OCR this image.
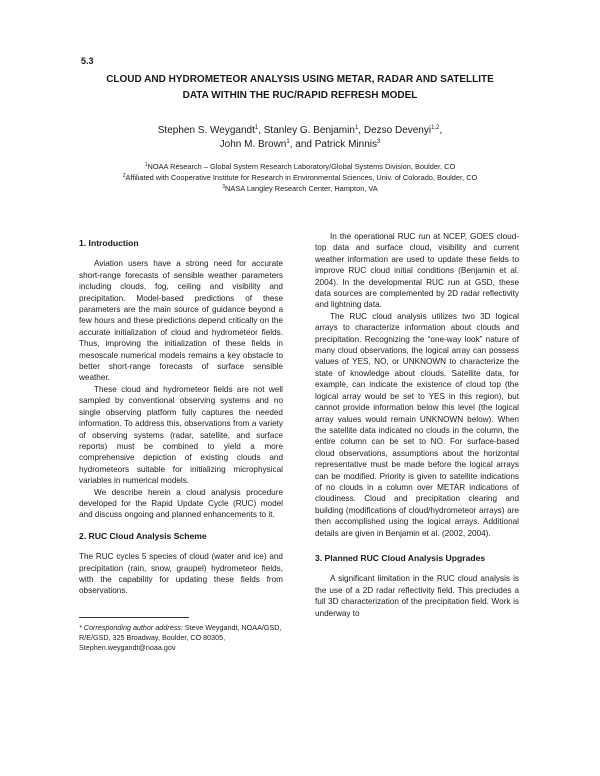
5.3
CLOUD AND HYDROMETEOR ANALYSIS USING METAR, RADAR AND SATELLITE
DATA WITHIN THE RUC/RAPID REFRESH MODEL
Stephen S. Weygandt$^1$, Stanley G. Benjamin$^1$, Dezso Devenyi$^{1,2}$,
John M. Brown$^1$, and Patrick Minnis$^3$
$^1$NOAA Research – Global System Research Laboratory/Global Systems Division, Boulder, CO
$^2$Affiliated with Cooperative Institute for Research in Environmental Sciences, Univ. of Colorado, Boulder, CO
$^3$NASA Langley Research Center, Hampton, VA
1. Introduction

Aviation users have a strong need for accurate short-range forecasts of sensible weather parameters including clouds, fog, ceiling and visibility and precipitation. Model-based predictions of these parameters are the main source of guidance beyond a few hours and these predictions depend critically on the accurate initialization of cloud and hydrometeor fields. Thus, improving the initialization of these fields in mesoscale numerical models remains a key obstacle to better short-range forecasts of surface sensible weather.

These cloud and hydrometeor fields are not well sampled by conventional observing systems and no single observing platform fully captures the needed information. To address this, observations from a variety of observing systems (radar, satellite, and surface reports) must be combined to yield a more comprehensive depiction of existing clouds and hydrometeors suitable for initializing microphysical variables in numerical models.

We describe herein a cloud analysis procedure developed for the Rapid Update Cycle (RUC) model and discuss ongoing and planned enhancements to it.

2. RUC Cloud Analysis Scheme

The RUC cycles 5 species of cloud (water and ice) and precipitation (rain, snow, graupel) hydrometeor fields, with the capability for updating these fields from observations.

* Corresponding author address: Steve Weygandt, NOAA/GSD, R/E/GSD, 325 Broadway, Boulder, CO 80305, Stephen.weygandt@noaa.gov

In the operational RUC run at NCEP, GOES cloud-top data and surface cloud, visibility and current weather information are used to update these fields to improve RUC cloud initial conditions (Benjamin et al. 2004). In the developmental RUC run at GSD, these data sources are complemented by 2D radar reflectivity and lightning data.

The RUC cloud analysis utilizes two 3D logical arrays to characterize information about clouds and precipitation. Recognizing the “one-way look” nature of many cloud observations, the logical array can possess values of YES, NO, or UNKNOWN to characterize the state of knowledge about clouds. Satellite data, for example, can indicate the existence of cloud top (the logical array would be set to YES in this region), but cannot provide information below this level (the logical array values would remain UNKNOWN below). When the satellite data indicated no clouds in the column, the entire column can be set to NO. For surface-based cloud observations, assumptions about the horizontal representative must be made before the logical arrays can be modified. Priority is given to satellite indications of no clouds in a column over METAR indications of cloudiness. Cloud and precipitation clearing and building (modifications of cloud/hydrometeor arrays) are then accomplished using the logical arrays. Additional details are given in Benjamin et al. (2002, 2004).

3. Planned RUC Cloud Analysis Upgrades

A significant limitation in the RUC cloud analysis is the use of a 2D radar reflectivity field. This precludes a full 3D characterization of the precipitation field. Work is underway to
